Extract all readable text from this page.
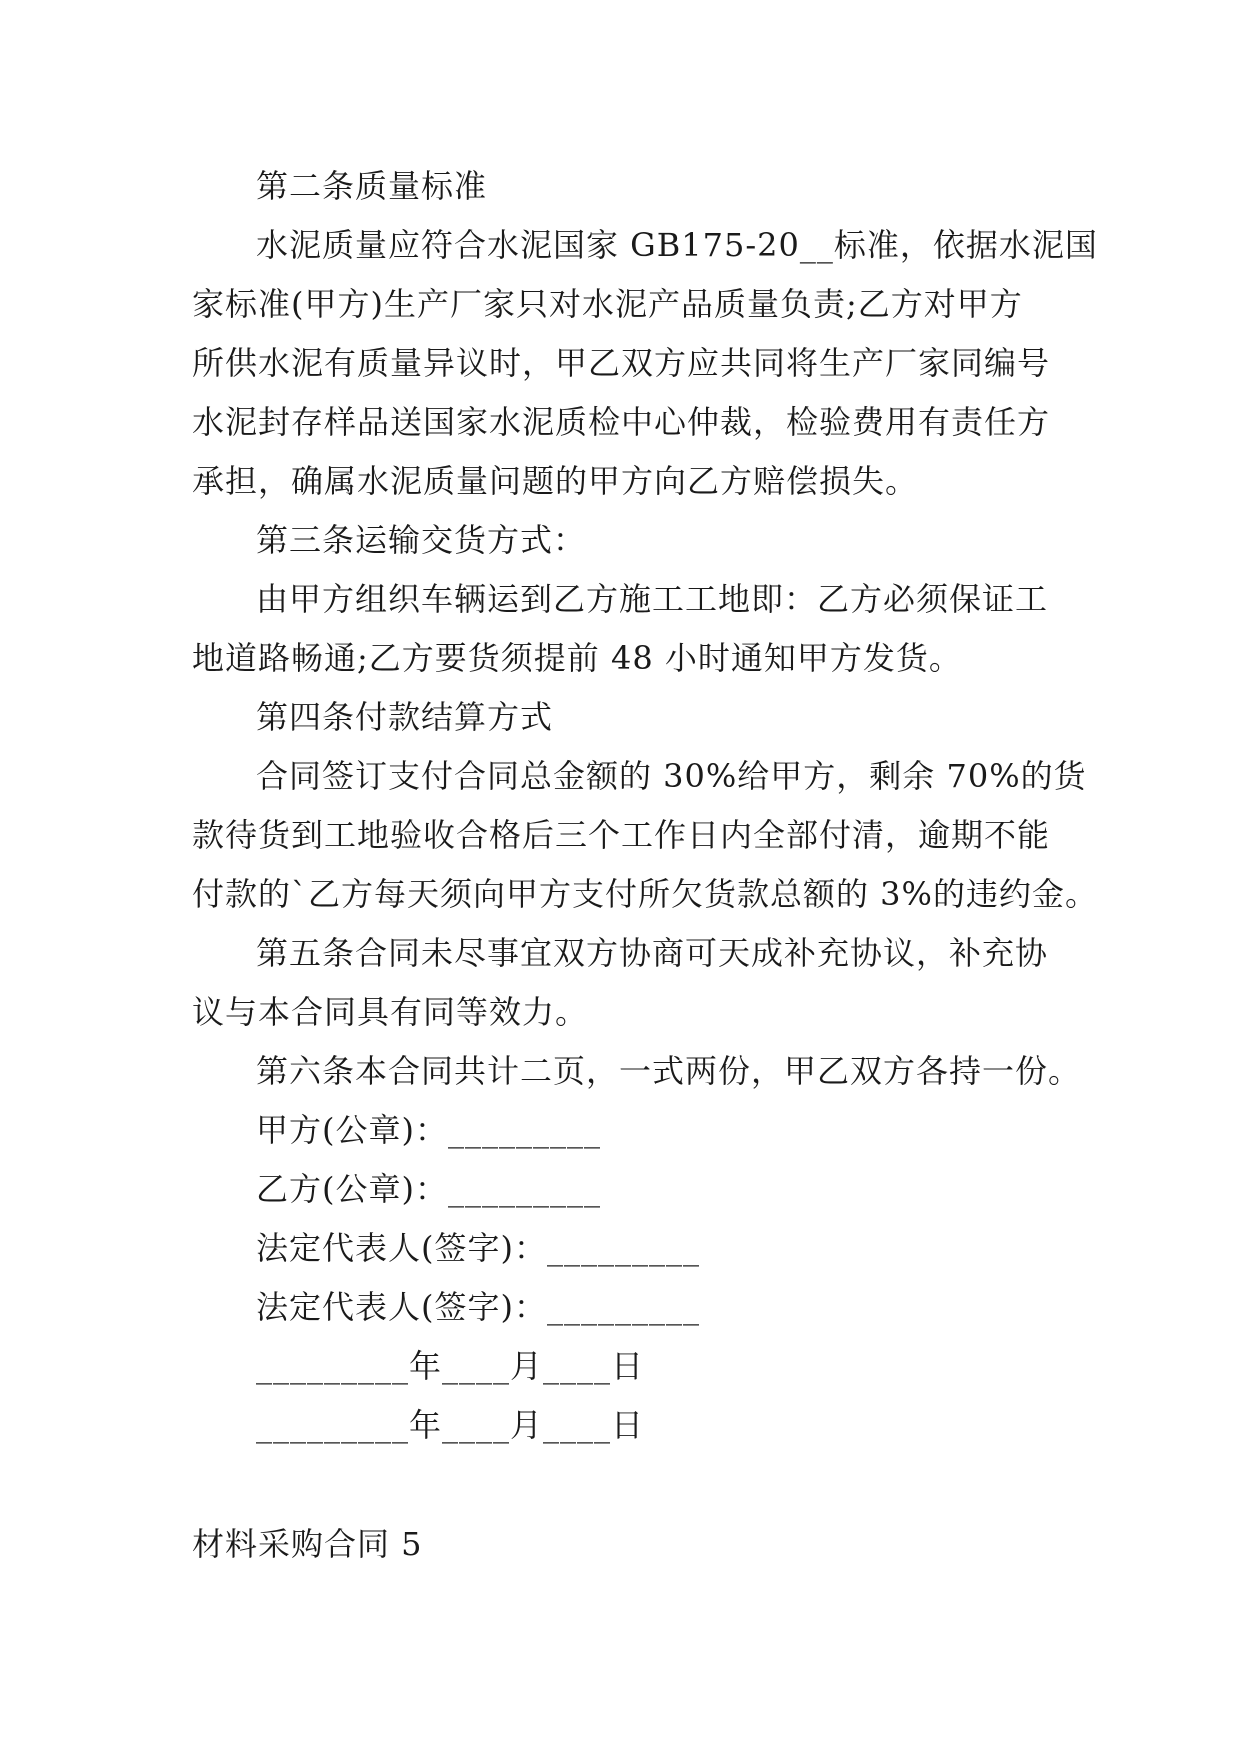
第二条质量标准
水泥质量应符合水泥国家 GB175-20__标准，依据水泥国
家标准(甲方)生产厂家只对水泥产品质量负责;乙方对甲方
所供水泥有质量异议时，甲乙双方应共同将生产厂家同编号
水泥封存样品送国家水泥质检中心仲裁，检验费用有责任方
承担，确属水泥质量问题的甲方向乙方赔偿损失。
第三条运输交货方式：
由甲方组织车辆运到乙方施工工地即：乙方必须保证工
地道路畅通;乙方要货须提前 48 小时通知甲方发货。
第四条付款结算方式
合同签订支付合同总金额的 30%给甲方，剩余 70%的货
款待货到工地验收合格后三个工作日内全部付清，逾期不能
付款的`乙方每天须向甲方支付所欠货款总额的 3%的违约金。
第五条合同未尽事宜双方协商可天成补充协议，补充协
议与本合同具有同等效力。
第六条本合同共计二页，一式两份，甲乙双方各持一份。
甲方(公章)：_________
乙方(公章)：_________
法定代表人(签字)：_________
法定代表人(签字)：_________
_________年____月____日
_________年____月____日
材料采购合同 5
